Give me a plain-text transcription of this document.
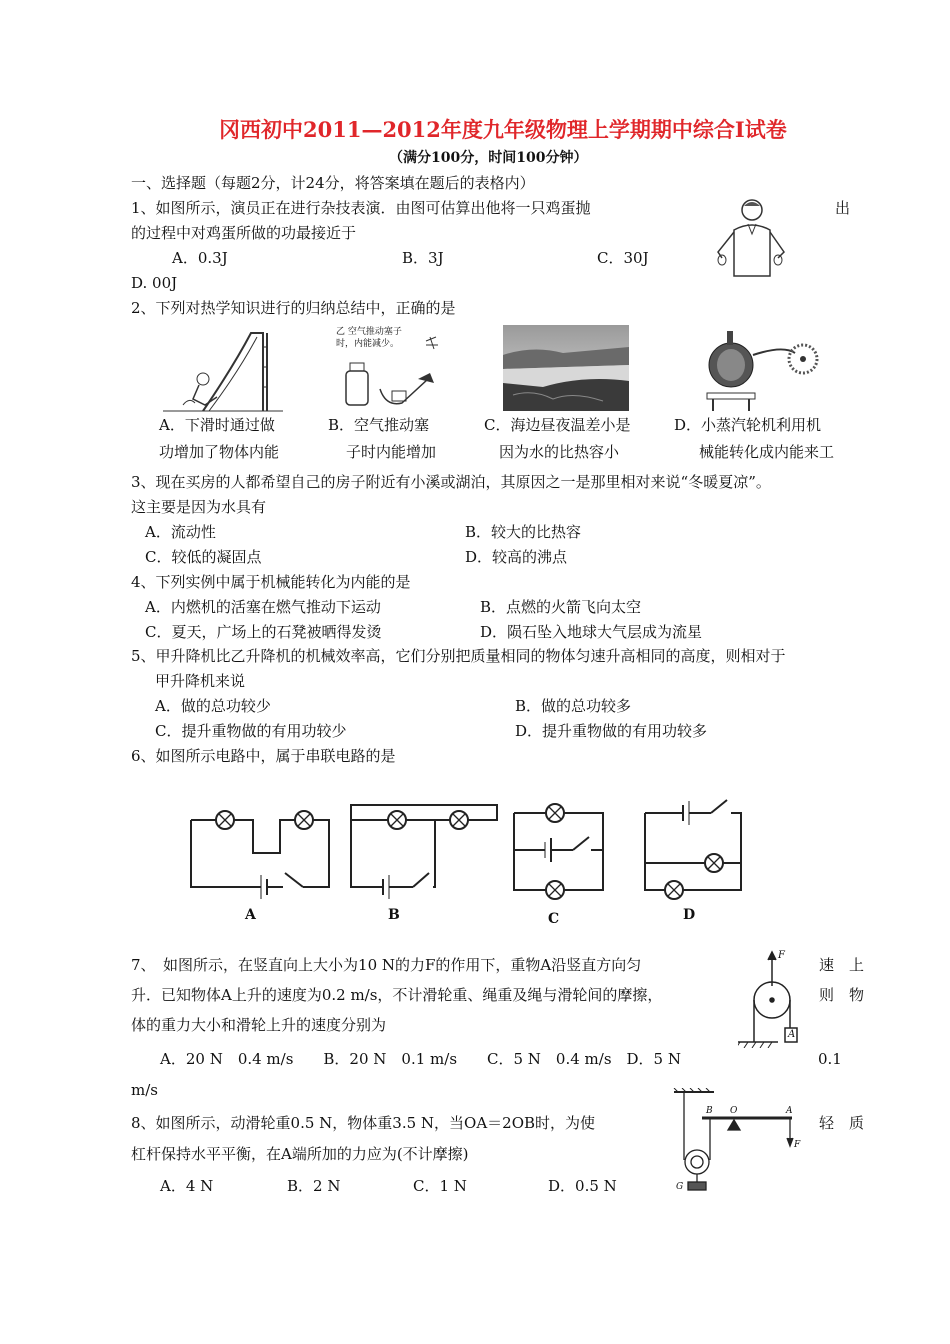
冈西初中2011—2012年度九年级物理上学期期中综合Ⅰ试卷
（满分100分，时间100分钟）
一、选择题（每题2分，计24分，将答案填在题后的表格内）
1、如图所示，演员正在进行杂技表演．由图可估算出他将一只鸡蛋抛	出
的过程中对鸡蛋所做的功最接近于
A．0.3J	B．3J	C．30J
D. 00J
2、下列对热学知识进行的归纳总结中，正确的是
乙 空气推动塞子
时，内能减少。
A．下滑时通过做
功增加了物体内能
B．空气推动塞
子时内能增加
C．海边昼夜温差小是
因为水的比热容小
D．小蒸汽轮机利用机
械能转化成内能来工
3、现在买房的人都希望自己的房子附近有小溪或湖泊，其原因之一是那里相对来说“冬暖夏凉”。
这主要是因为水具有
A．流动性	B．较大的比热容
C．较低的凝固点	D．较高的沸点
4、下列实例中属于机械能转化为内能的是
A．内燃机的活塞在燃气推动下运动	B．点燃的火箭飞向太空
C．夏天，广场上的石凳被晒得发烫	D．陨石坠入地球大气层成为流星
5、甲升降机比乙升降机的机械效率高，它们分别把质量相同的物体匀速升高相同的高度，则相对于
甲升降机来说
A．做的总功较少	B．做的总功较多
C．提升重物做的有用功较少	D．提升重物做的有用功较多
6、如图所示电路中，属于串联电路的是
A	B	C	D
7、　如图所示，在竖直向上大小为10 N的力F的作用下，重物A沿竖直方向匀	速　上
升．已知物体A上升的速度为0.2 m/s，不计滑轮重、绳重及绳与滑轮间的摩擦，	则　物
体的重力大小和滑轮上升的速度分别为
A．20 N　0.4 m/s　　B．20 N　0.1 m/s　　C．5 N　0.4 m/s　D．5 N	0.1
m/s
F
A
8、如图所示，动滑轮重0.5 N，物体重3.5 N，当OA＝2OB时，为使	轻　质
杠杆保持水平平衡，在A端所加的力应为(不计摩擦)
A．4 N	B．2 N	C．1 N	D．0.5 N
B O	A
F
G
